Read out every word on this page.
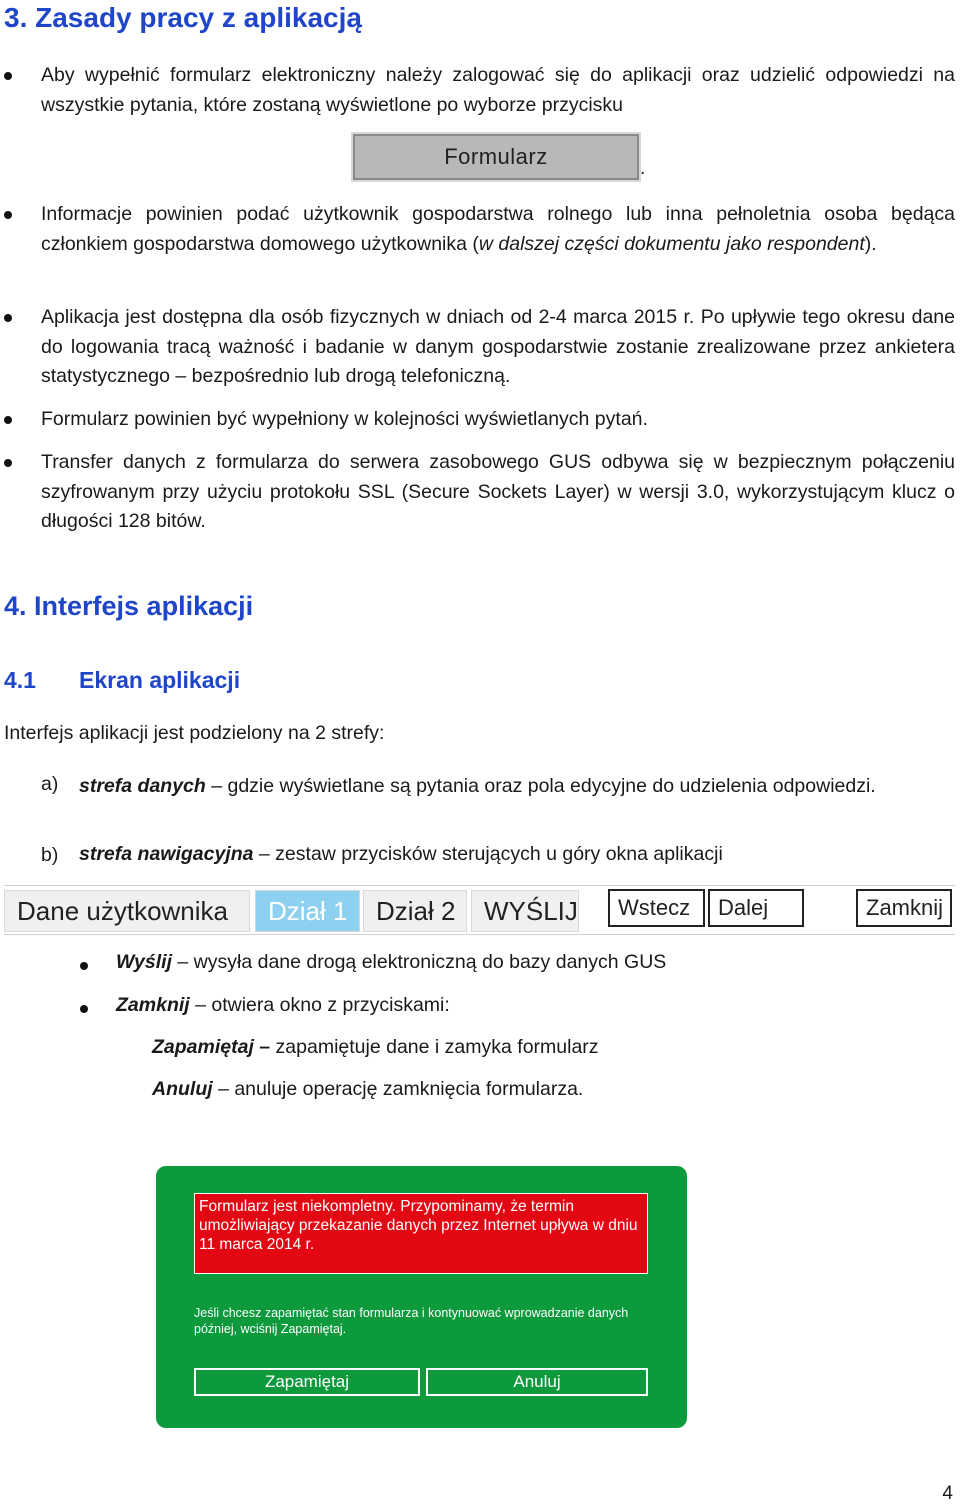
3. Zasady pracy z aplikacją

Aby wypełnić formularz elektroniczny należy zalogować się do aplikacji oraz udzielić odpowiedzi na wszystkie pytania, które zostaną wyświetlone po wyborze przycisku

Formularz	.

Informacje powinien podać użytkownik gospodarstwa rolnego lub inna pełnoletnia osoba będąca członkiem gospodarstwa domowego użytkownika (w dalszej części dokumentu jako respondent).

Aplikacja jest dostępna dla osób fizycznych w dniach od 2-4 marca 2015 r. Po upływie tego okresu dane do logowania tracą ważność i badanie w danym gospodarstwie zostanie zrealizowane przez ankietera statystycznego – bezpośrednio lub drogą telefoniczną.

Formularz powinien być wypełniony w kolejności wyświetlanych pytań.

Transfer danych z formularza do serwera zasobowego GUS odbywa się w bezpiecznym połączeniu szyfrowanym przy użyciu protokołu SSL (Secure Sockets Layer) w wersji 3.0, wykorzystującym klucz o długości 128 bitów.

4. Interfejs aplikacji
4.1 Ekran aplikacji

Interfejs aplikacji jest podzielony na 2 strefy:

a) strefa danych – gdzie wyświetlane są pytania oraz pola edycyjne do udzielenia odpowiedzi.

b) strefa nawigacyjna – zestaw przycisków sterujących u góry okna aplikacji

Dane użytkownika	Dział 1	Dział 2	WYŚLIJ	Wstecz	Dalej	Zamknij

Wyślij – wysyła dane drogą elektroniczną do bazy danych GUS

Zamknij – otwiera okno z przyciskami:

Zapamiętaj – zapamiętuje dane i zamyka formularz

Anuluj – anuluje operację zamknięcia formularza.

Formularz jest niekompletny. Przypominamy, że termin umożliwiający przekazanie danych przez Internet upływa w dniu 11 marca 2014 r.
Jeśli chcesz zapamiętać stan formularza i kontynuować wprowadzanie danych później, wciśnij Zapamiętaj.
Zapamiętaj	Anuluj
4
